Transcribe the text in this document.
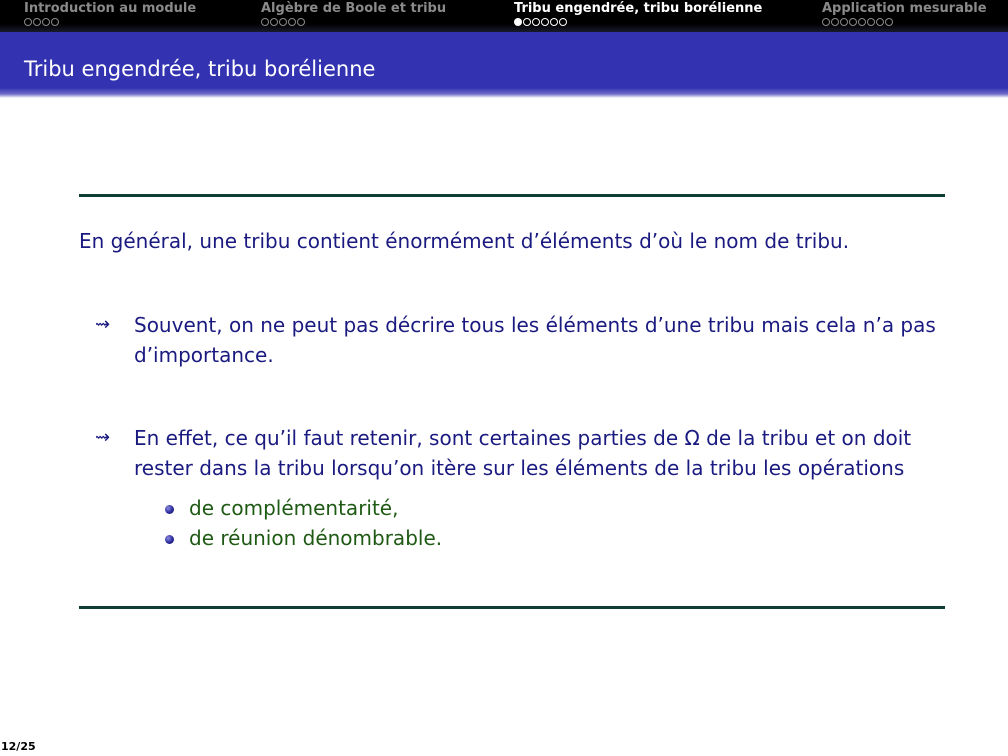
Introduction au module	Algèbre de Boole et tribu	Tribu engendrée, tribu borélienne	Application mesurable
Tribu engendrée, tribu borélienne

En général, une tribu contient énormément d’éléments d’où le nom de tribu.

⇝ Souvent, on ne peut pas décrire tous les éléments d’une tribu mais cela n’a pas d’importance.
⇝ En effet, ce qu’il faut retenir, sont certaines parties de Ω de la tribu et on doit rester dans la tribu lorsqu’on itère sur les éléments de la tribu les opérations
de complémentarité,
de réunion dénombrable.
12/25
